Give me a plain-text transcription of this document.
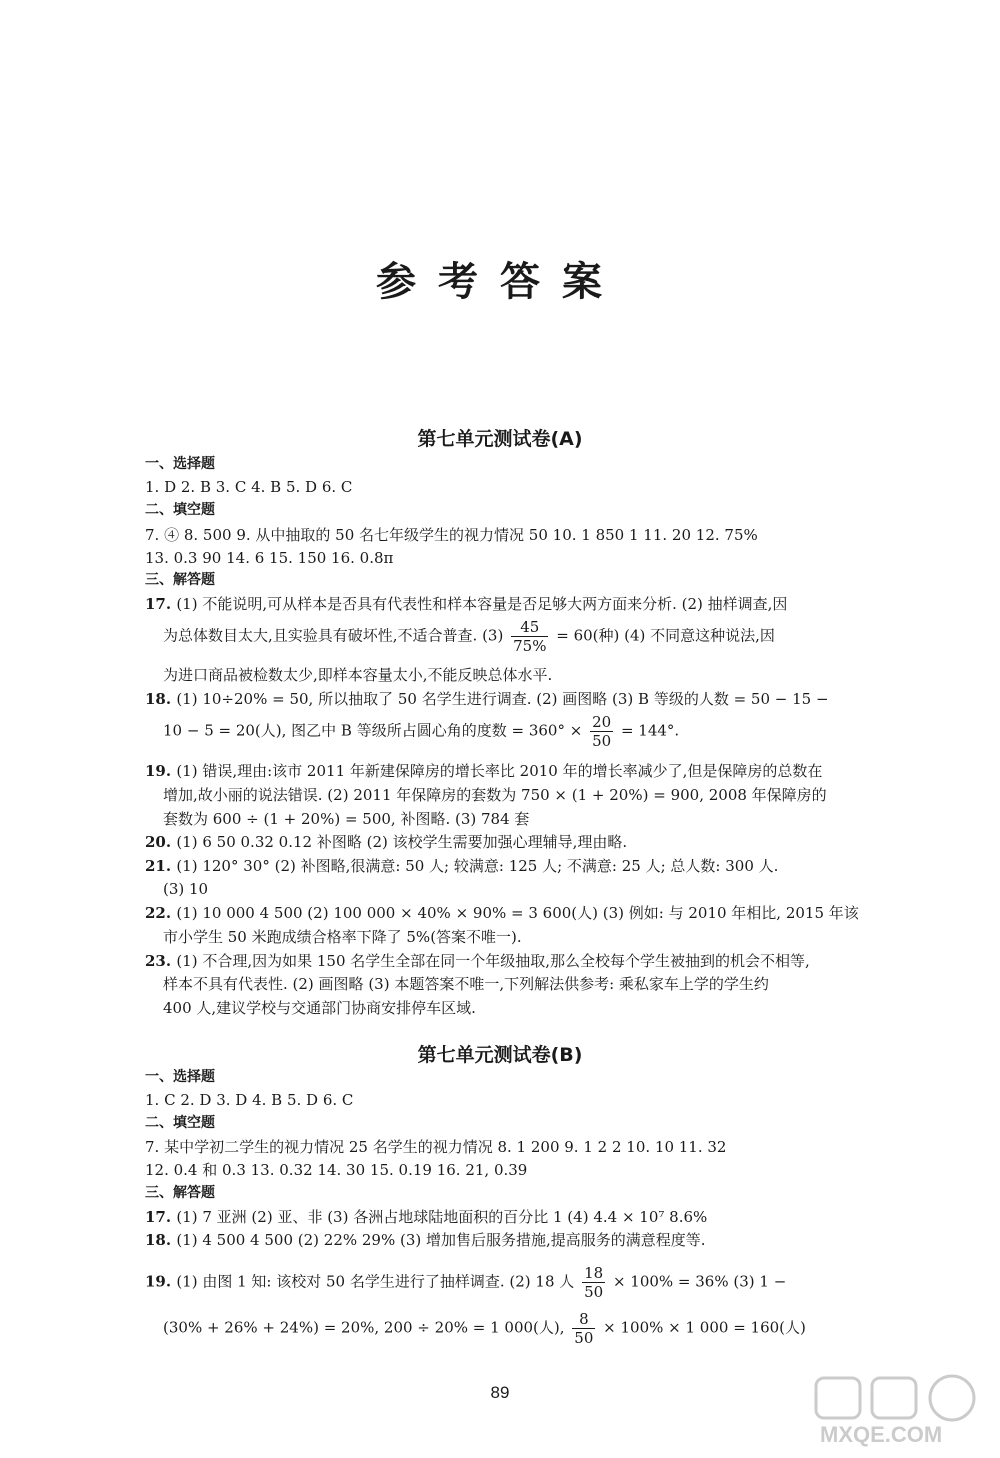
参考答案
第七单元测试卷(A)
一、选择题
1. D 2. B 3. C 4. B 5. D 6. C
二、填空题
7. ④ 8. 500 9. 从中抽取的 50 名七年级学生的视力情况 50 10. 1 850 1 11. 20 12. 75%
13. 0.3 90 14. 6 15. 150 16. 0.8π
三、解答题
17. (1) 不能说明,可从样本是否具有代表性和样本容量是否足够大两方面来分析. (2) 抽样调查,因
为总体数目太大,且实验具有破坏性,不适合普查. $(3) \frac{45}{75\%} = 60$(种) (4) 不同意这种说法,因
为进口商品被检数太少,即样本容量太小,不能反映总体水平.
18. (1) 10÷20% = 50, 所以抽取了 50 名学生进行调查. (2) 画图略 (3) B 等级的人数 = 50 − 15 −
10 − 5 = 20(人), 图乙中 B 等级所占圆心角的度数 = $360^\circ \times \frac{20}{50} = 144^\circ$.
19. (1) 错误,理由:该市 2011 年新建保障房的增长率比 2010 年的增长率减少了,但是保障房的总数在
增加,故小丽的说法错误. (2) 2011 年保障房的套数为 750 × (1 + 20%) = 900, 2008 年保障房的
套数为 600 ÷ (1 + 20%) = 500, 补图略. (3) 784 套
20. (1) 6 50 0.32 0.12 补图略 (2) 该校学生需要加强心理辅导,理由略.
21. (1) 120° 30° (2) 补图略,很满意: 50 人; 较满意: 125 人; 不满意: 25 人; 总人数: 300 人.
(3) 10
22. (1) 10 000 4 500 (2) 100 000 × 40% × 90% = 3 600(人) (3) 例如: 与 2010 年相比, 2015 年该
市小学生 50 米跑成绩合格率下降了 5%(答案不唯一).
23. (1) 不合理,因为如果 150 名学生全部在同一个年级抽取,那么全校每个学生被抽到的机会不相等,
样本不具有代表性. (2) 画图略 (3) 本题答案不唯一,下列解法供参考: 乘私家车上学的学生约
400 人,建议学校与交通部门协商安排停车区域.
第七单元测试卷(B)
一、选择题
1. C 2. D 3. D 4. B 5. D 6. C
二、填空题
7. 某中学初二学生的视力情况 25 名学生的视力情况 8. 1 200 9. 1 2 2 10. 10 11. 32
12. 0.4 和 0.3 13. 0.32 14. 30 15. 0.19 16. 21, 0.39
三、解答题
17. (1) 7 亚洲 (2) 亚、非 (3) 各洲占地球陆地面积的百分比 1 (4) 4.4 × 10⁷ 8.6%
18. (1) 4 500 4 500 (2) 22% 29% (3) 增加售后服务措施,提高服务的满意程度等.
19. (1) 由图 1 知: 该校对 50 名学生进行了抽样调查. (2) 18 人 $\frac{18}{50} \times 100\% = 36\%$ (3) 1 −
(30% + 26% + 24%) = 20%, 200 ÷ 20% = 1 000(人), $\frac{8}{50} \times 100\% \times 1$ 000 = 160(人)
89
MXQE.COM
